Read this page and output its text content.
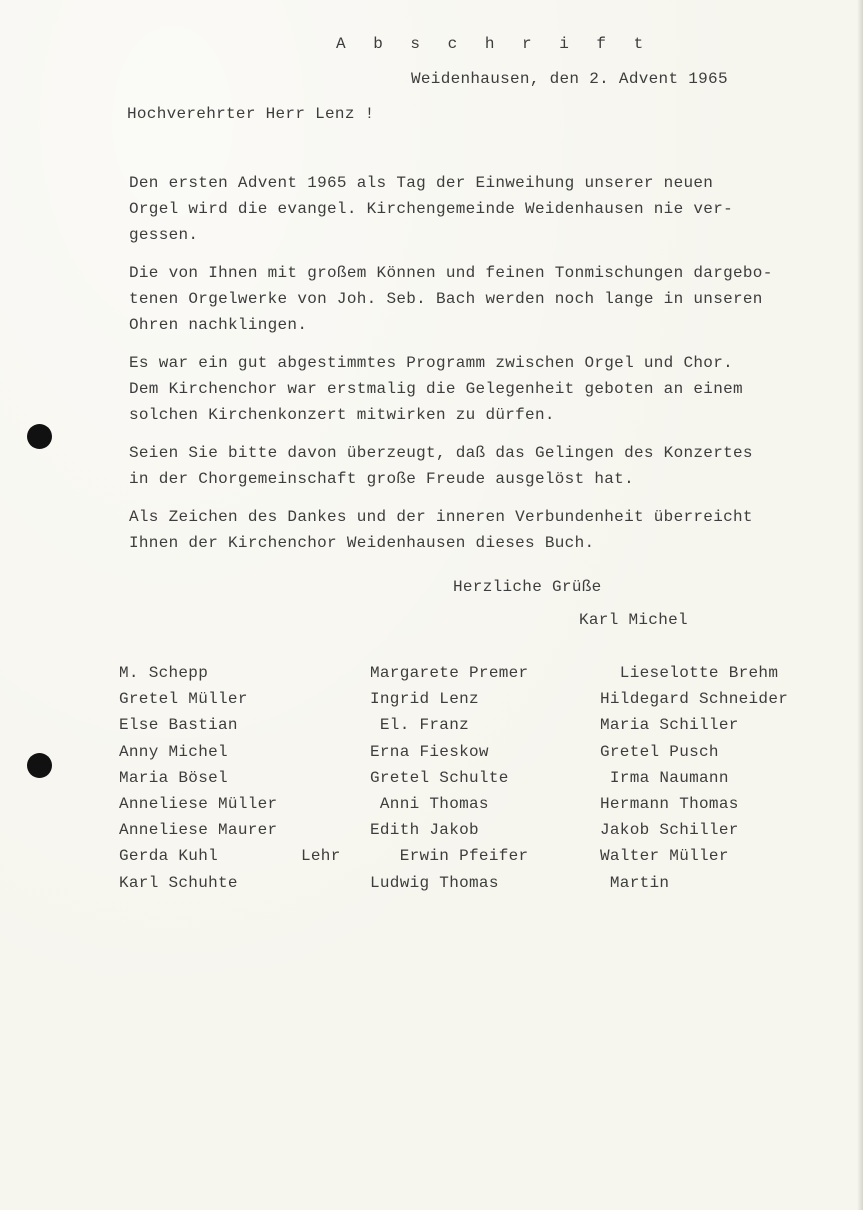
A b s c h r i f t
Weidenhausen, den 2. Advent 1965
Hochverehrter Herr Lenz !

Den ersten Advent 1965 als Tag der Einweihung unserer neuen
Orgel wird die evangel. Kirchengemeinde Weidenhausen nie ver-
gessen.

Die von Ihnen mit großem Können und feinen Tonmischungen dargebo-
tenen Orgelwerke von Joh. Seb. Bach werden noch lange in unseren
Ohren nachklingen.

Es war ein gut abgestimmtes Programm zwischen Orgel und Chor.
Dem Kirchenchor war erstmalig die Gelegenheit geboten an einem
solchen Kirchenkonzert mitwirken zu dürfen.

Seien Sie bitte davon überzeugt, daß das Gelingen des Konzertes
in der Chorgemeinschaft große Freude ausgelöst hat.

Als Zeichen des Dankes und der inneren Verbundenheit überreicht
Ihnen der Kirchenchor Weidenhausen dieses Buch.

Herzliche Grüße
Karl Michel
M. Schepp
Gretel Müller
Else Bastian
Anny Michel
Maria Bösel
Anneliese Müller
Anneliese Maurer
Gerda Kuhl
Karl Schuhte
Lehr
Margarete Premer
Ingrid Lenz
El. Franz
Erna Fieskow
Gretel Schulte
Anni Thomas
Edith Jakob
Erwin Pfeifer
Ludwig Thomas
Lieselotte Brehm
Hildegard Schneider
Maria Schiller
Gretel Pusch
Irma Naumann
Hermann Thomas
Jakob Schiller
Walter Müller
Martin
